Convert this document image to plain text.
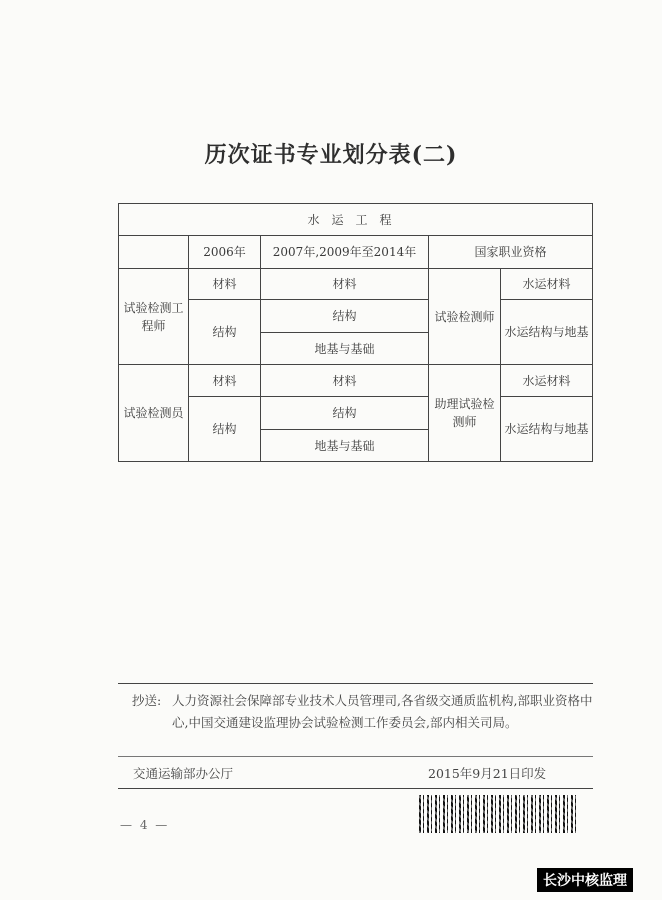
历次证书专业划分表(二)
水运工程				
	2006年	2007年,2009年至2014年	国家职业资格	
试验检测工程师	材料	材料	试验检测师	水运材料
	结构	结构		水运结构与地基
		地基与基础		
试验检测员	材料	材料	助理试验检测师	水运材料
	结构	结构		水运结构与地基
		地基与基础		
抄送: 人力资源社会保障部专业技术人员管理司,各省级交通质监机构,部职业资格中心,中国交通建设监理协会试验检测工作委员会,部内相关司局。
交通运输部办公厅	2015年9月21日印发
— 4 —
长沙中核监理
